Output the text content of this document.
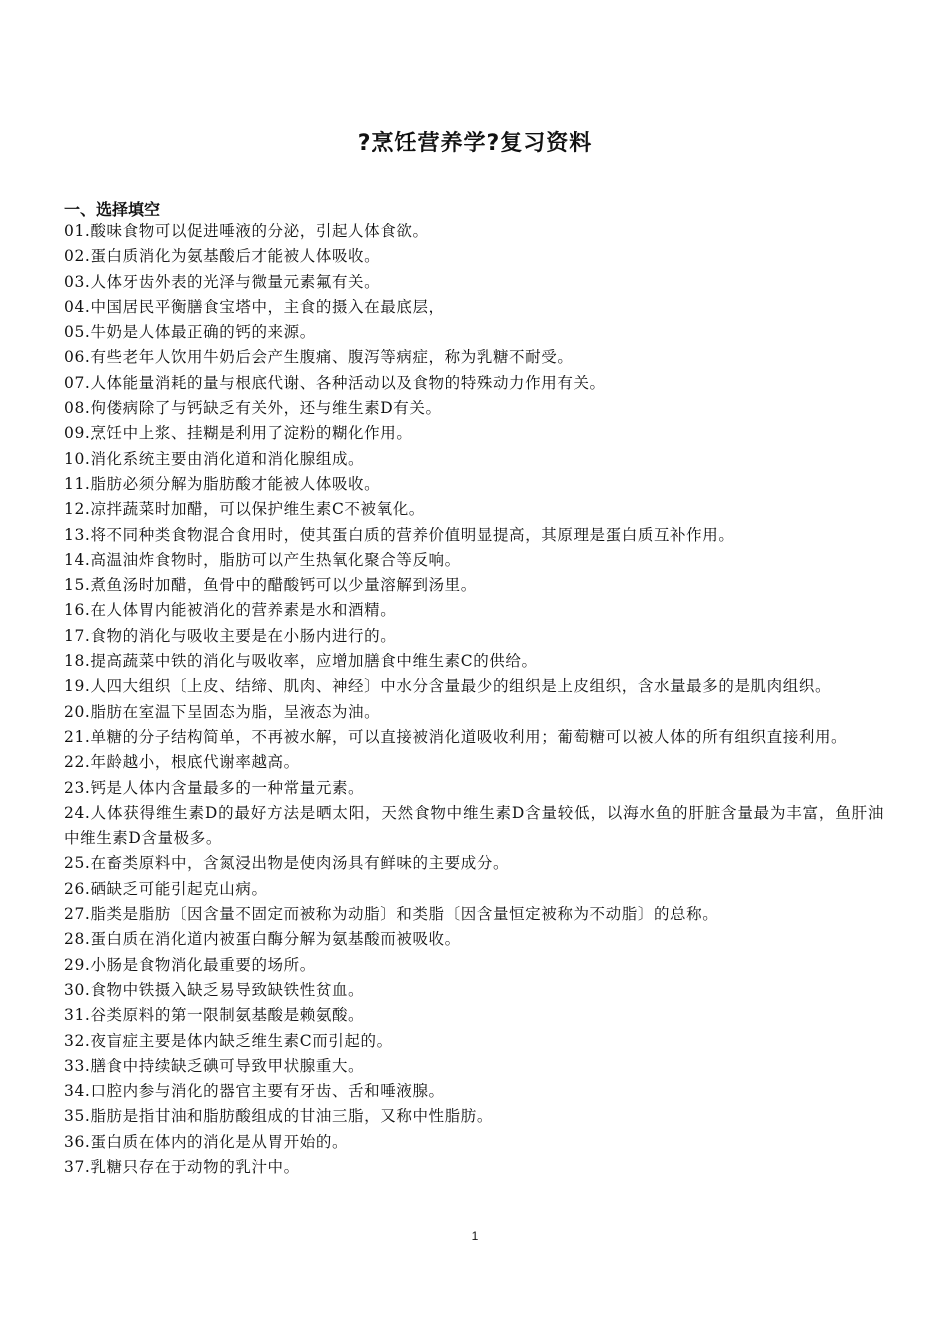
?烹饪营养学?复习资料
一、选择填空
01.酸味食物可以促进唾液的分泌，引起人体食欲。
02.蛋白质消化为氨基酸后才能被人体吸收。
03.人体牙齿外表的光泽与微量元素氟有关。
04.中国居民平衡膳食宝塔中，主食的摄入在最底层，
05.牛奶是人体最正确的钙的来源。
06.有些老年人饮用牛奶后会产生腹痛、腹泻等病症，称为乳糖不耐受。
07.人体能量消耗的量与根底代谢、各种活动以及食物的特殊动力作用有关。
08.佝偻病除了与钙缺乏有关外，还与维生素D有关。
09.烹饪中上浆、挂糊是利用了淀粉的糊化作用。
10.消化系统主要由消化道和消化腺组成。
11.脂肪必须分解为脂肪酸才能被人体吸收。
12.凉拌蔬菜时加醋，可以保护维生素C不被氧化。
13.将不同种类食物混合食用时，使其蛋白质的营养价值明显提高，其原理是蛋白质互补作用。
14.高温油炸食物时，脂肪可以产生热氧化聚合等反响。
15.煮鱼汤时加醋，鱼骨中的醋酸钙可以少量溶解到汤里。
16.在人体胃内能被消化的营养素是水和酒精。
17.食物的消化与吸收主要是在小肠内进行的。
18.提高蔬菜中铁的消化与吸收率，应增加膳食中维生素C的供给。
19.人四大组织〔上皮、结缔、肌肉、神经〕中水分含量最少的组织是上皮组织，含水量最多的是肌肉组织。
20.脂肪在室温下呈固态为脂，呈液态为油。
21.单糖的分子结构简单，不再被水解，可以直接被消化道吸收利用；葡萄糖可以被人体的所有组织直接利用。
22.年龄越小，根底代谢率越高。
23.钙是人体内含量最多的一种常量元素。
24.人体获得维生素D的最好方法是晒太阳，天然食物中维生素D含量较低，以海水鱼的肝脏含量最为丰富，鱼肝油中维生素D含量极多。
25.在畜类原料中，含氮浸出物是使肉汤具有鲜味的主要成分。
26.硒缺乏可能引起克山病。
27.脂类是脂肪〔因含量不固定而被称为动脂〕和类脂〔因含量恒定被称为不动脂〕的总称。
28.蛋白质在消化道内被蛋白酶分解为氨基酸而被吸收。
29.小肠是食物消化最重要的场所。
30.食物中铁摄入缺乏易导致缺铁性贫血。
31.谷类原料的第一限制氨基酸是赖氨酸。
32.夜盲症主要是体内缺乏维生素C而引起的。
33.膳食中持续缺乏碘可导致甲状腺重大。
34.口腔内参与消化的器官主要有牙齿、舌和唾液腺。
35.脂肪是指甘油和脂肪酸组成的甘油三脂，又称中性脂肪。
36.蛋白质在体内的消化是从胃开始的。
37.乳糖只存在于动物的乳汁中。
1
